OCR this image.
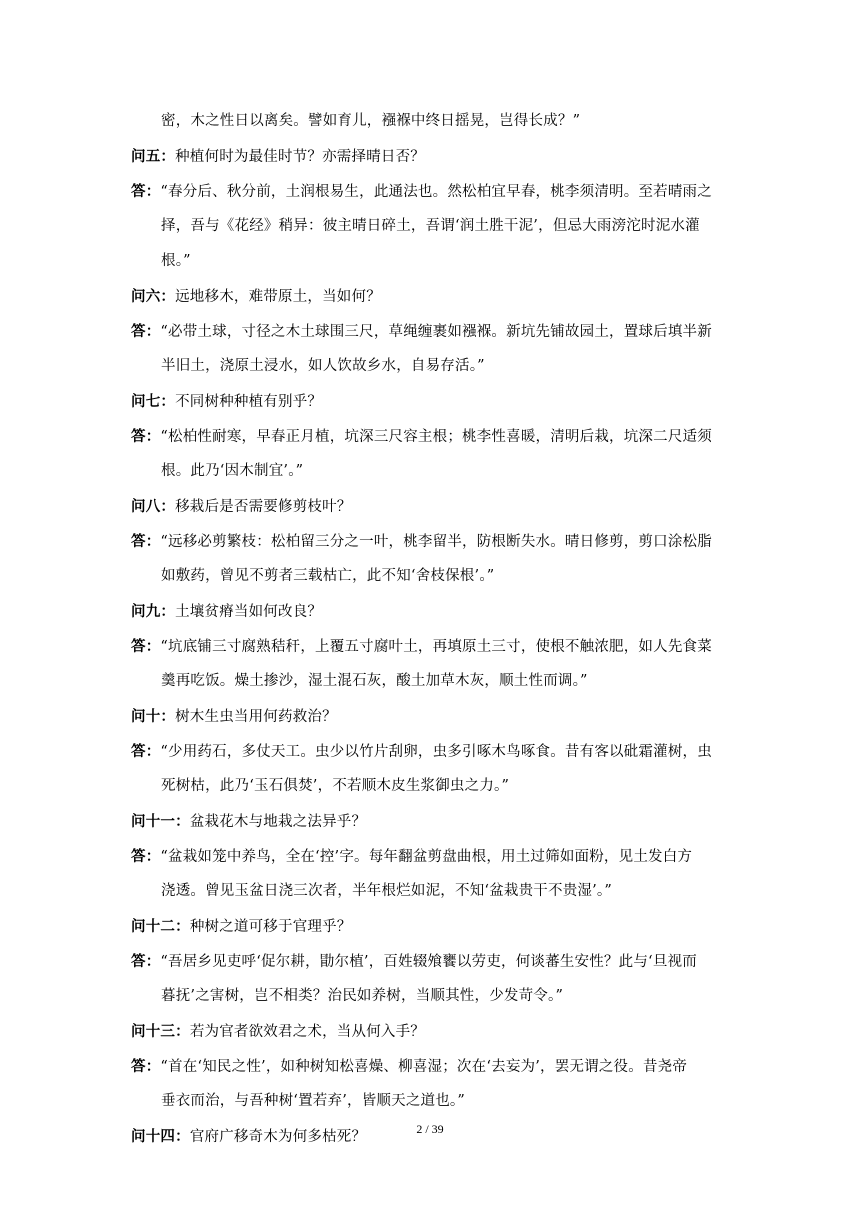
密，木之性日以离矣。譬如育儿，襁褓中终日摇晃，岂得长成？”
问五：种植何时为最佳时节？亦需择晴日否？
答：“春分后、秋分前，土润根易生，此通法也。然松柏宜早春，桃李须清明。至若晴雨之
择，吾与《花经》稍异：彼主晴日碎土，吾谓‘润土胜干泥’，但忌大雨滂沱时泥水灌
根。”
问六：远地移木，难带原土，当如何？
答：“必带土球，寸径之木土球围三尺，草绳缠裹如襁褓。新坑先铺故园土，置球后填半新
半旧土，浇原土浸水，如人饮故乡水，自易存活。”
问七：不同树种种植有别乎？
答：“松柏性耐寒，早春正月植，坑深三尺容主根；桃李性喜暖，清明后栽，坑深二尺适须
根。此乃‘因木制宜’。”
问八：移栽后是否需要修剪枝叶？
答：“远移必剪繁枝：松柏留三分之一叶，桃李留半，防根断失水。晴日修剪，剪口涂松脂
如敷药，曾见不剪者三载枯亡，此不知‘舍枝保根’。”
问九：土壤贫瘠当如何改良？
答：“坑底铺三寸腐熟秸秆，上覆五寸腐叶土，再填原土三寸，使根不触浓肥，如人先食菜
羹再吃饭。燥土掺沙，湿土混石灰，酸土加草木灰，顺土性而调。”
问十：树木生虫当用何药救治？
答：“少用药石，多仗天工。虫少以竹片刮卵，虫多引啄木鸟啄食。昔有客以砒霜灌树，虫
死树枯，此乃‘玉石俱焚’，不若顺木皮生浆御虫之力。”
问十一：盆栽花木与地栽之法异乎？
答：“盆栽如笼中养鸟，全在‘控’字。每年翻盆剪盘曲根，用土过筛如面粉，见土发白方
浇透。曾见玉盆日浇三次者，半年根烂如泥，不知‘盆栽贵干不贵湿’。”
问十二：种树之道可移于官理乎？
答：“吾居乡见吏呼‘促尔耕，勖尔植’，百姓辍飧饔以劳吏，何谈蕃生安性？此与‘旦视而
暮抚’之害树，岂不相类？治民如养树，当顺其性，少发苛令。”
问十三：若为官者欲效君之术，当从何入手？
答：“首在‘知民之性’，如种树知松喜燥、柳喜湿；次在‘去妄为’，罢无谓之役。昔尧帝
垂衣而治，与吾种树‘置若弃’，皆顺天之道也。”
问十四：官府广移奇木为何多枯死？	2 / 39
